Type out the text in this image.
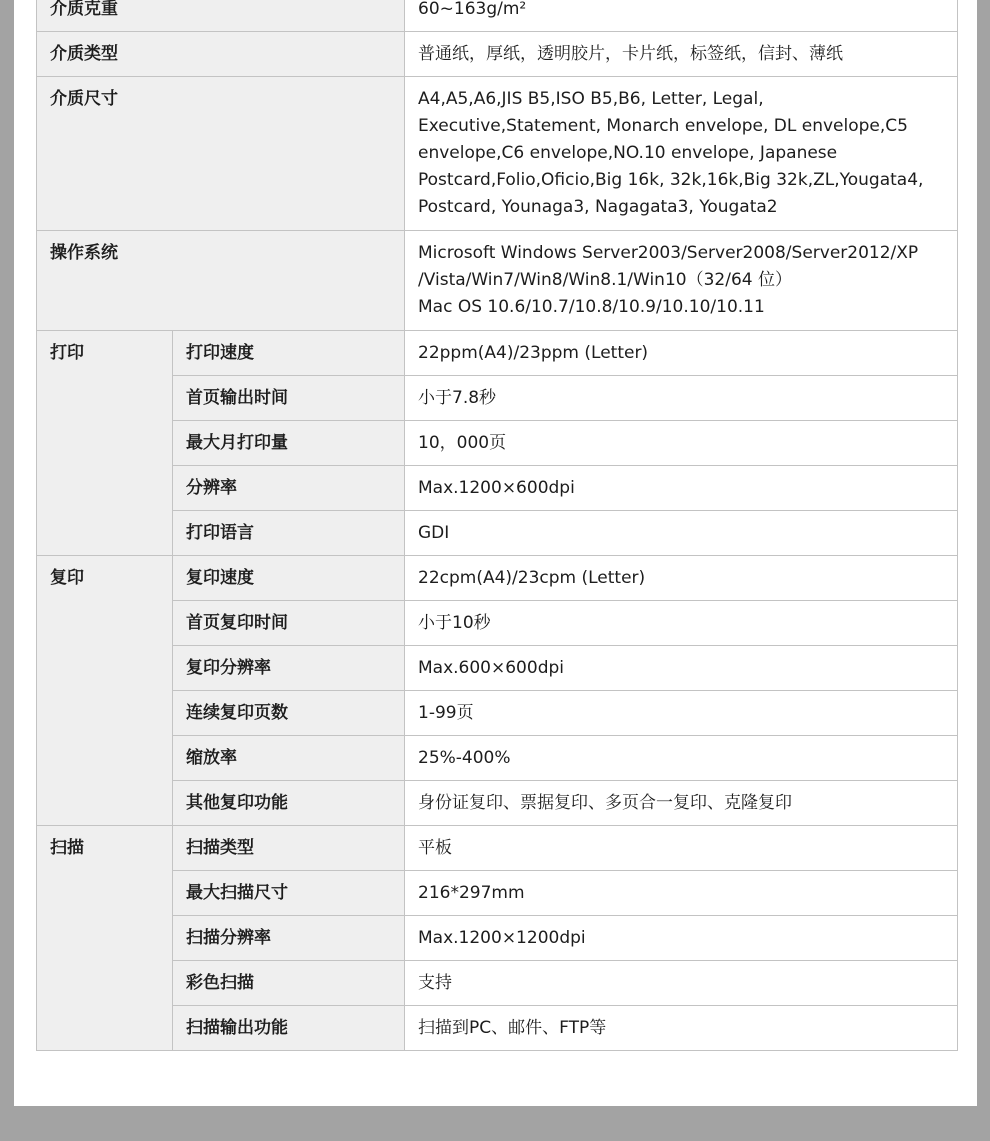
介质克重		60~163g/m²
介质类型		普通纸，厚纸，透明胶片，卡片纸，标签纸，信封、薄纸
介质尺寸		A4,A5,A6,JIS B5,ISO B5,B6, Letter, Legal, Executive,Statement, Monarch envelope, DL envelope,C5 envelope,C6 envelope,NO.10 envelope, Japanese Postcard,Folio,Oficio,Big 16k, 32k,16k,Big 32k,ZL,Yougata4, Postcard, Younaga3, Nagagata3, Yougata2
操作系统		Microsoft Windows Server2003/Server2008/Server2012/XP /Vista/Win7/Win8/Win8.1/Win10（32/64 位）
Mac OS 10.6/10.7/10.8/10.9/10.10/10.11

打印	打印速度	22ppm(A4)/23ppm (Letter)
	首页输出时间	小于7.8秒
	最大月打印量	10，000页
	分辨率	Max.1200×600dpi
	打印语言	GDI
复印	复印速度	22cpm(A4)/23cpm (Letter)
	首页复印时间	小于10秒
	复印分辨率	Max.600×600dpi
	连续复印页数	1-99页
	缩放率	25%-400%
	其他复印功能	身份证复印、票据复印、多页合一复印、克隆复印
扫描	扫描类型	平板
	最大扫描尺寸	216*297mm
	扫描分辨率	Max.1200×1200dpi
	彩色扫描	支持
	扫描输出功能	扫描到PC、邮件、FTP等
